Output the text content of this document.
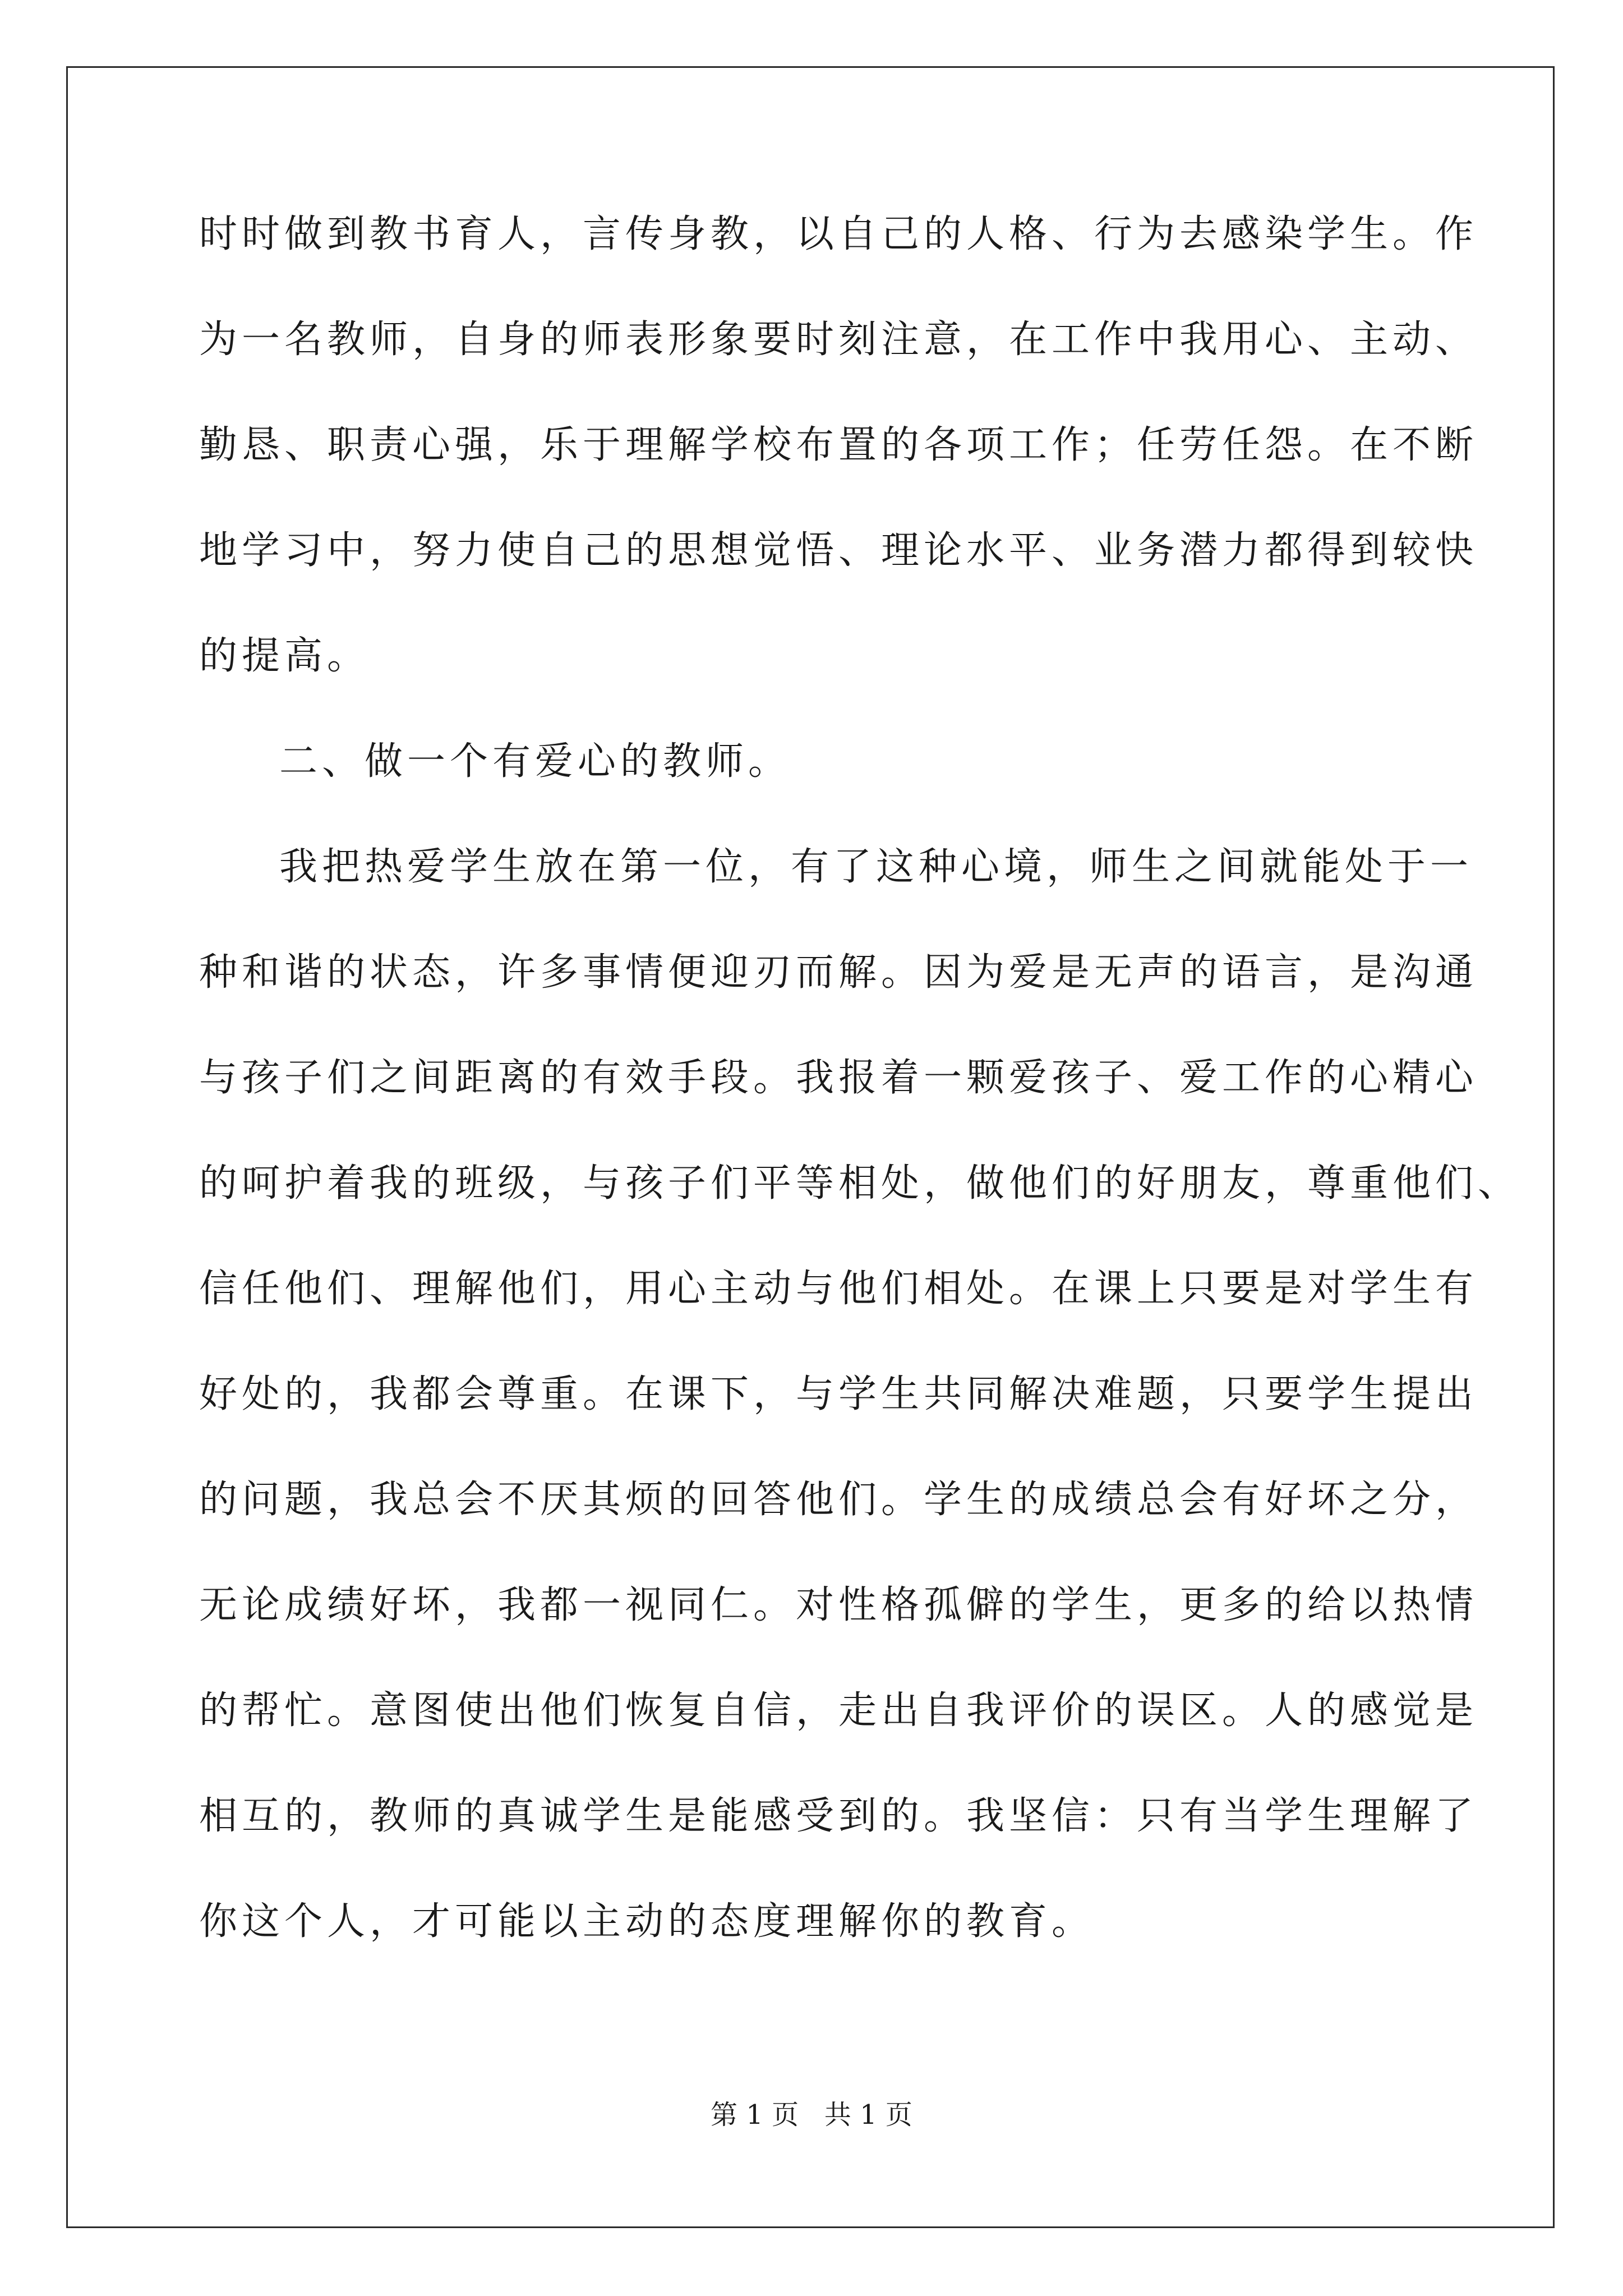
时时做到教书育人，言传身教，以自己的人格、行为去感染学生。作

为一名教师，自身的师表形象要时刻注意，在工作中我用心、主动、

勤恳、职责心强，乐于理解学校布置的各项工作；任劳任怨。在不断

地学习中，努力使自己的思想觉悟、理论水平、业务潜力都得到较快

的提高。

二、做一个有爱心的教师。

我把热爱学生放在第一位，有了这种心境，师生之间就能处于一

种和谐的状态，许多事情便迎刃而解。因为爱是无声的语言，是沟通

与孩子们之间距离的有效手段。我报着一颗爱孩子、爱工作的心精心

的呵护着我的班级，与孩子们平等相处，做他们的好朋友，尊重他们、

信任他们、理解他们，用心主动与他们相处。在课上只要是对学生有

好处的，我都会尊重。在课下，与学生共同解决难题，只要学生提出

的问题，我总会不厌其烦的回答他们。学生的成绩总会有好坏之分，

无论成绩好坏，我都一视同仁。对性格孤僻的学生，更多的给以热情

的帮忙。意图使出他们恢复自信，走出自我评价的误区。人的感觉是

相互的，教师的真诚学生是能感受到的。我坚信：只有当学生理解了

你这个人，才可能以主动的态度理解你的教育。

第 1 页   共 1 页
